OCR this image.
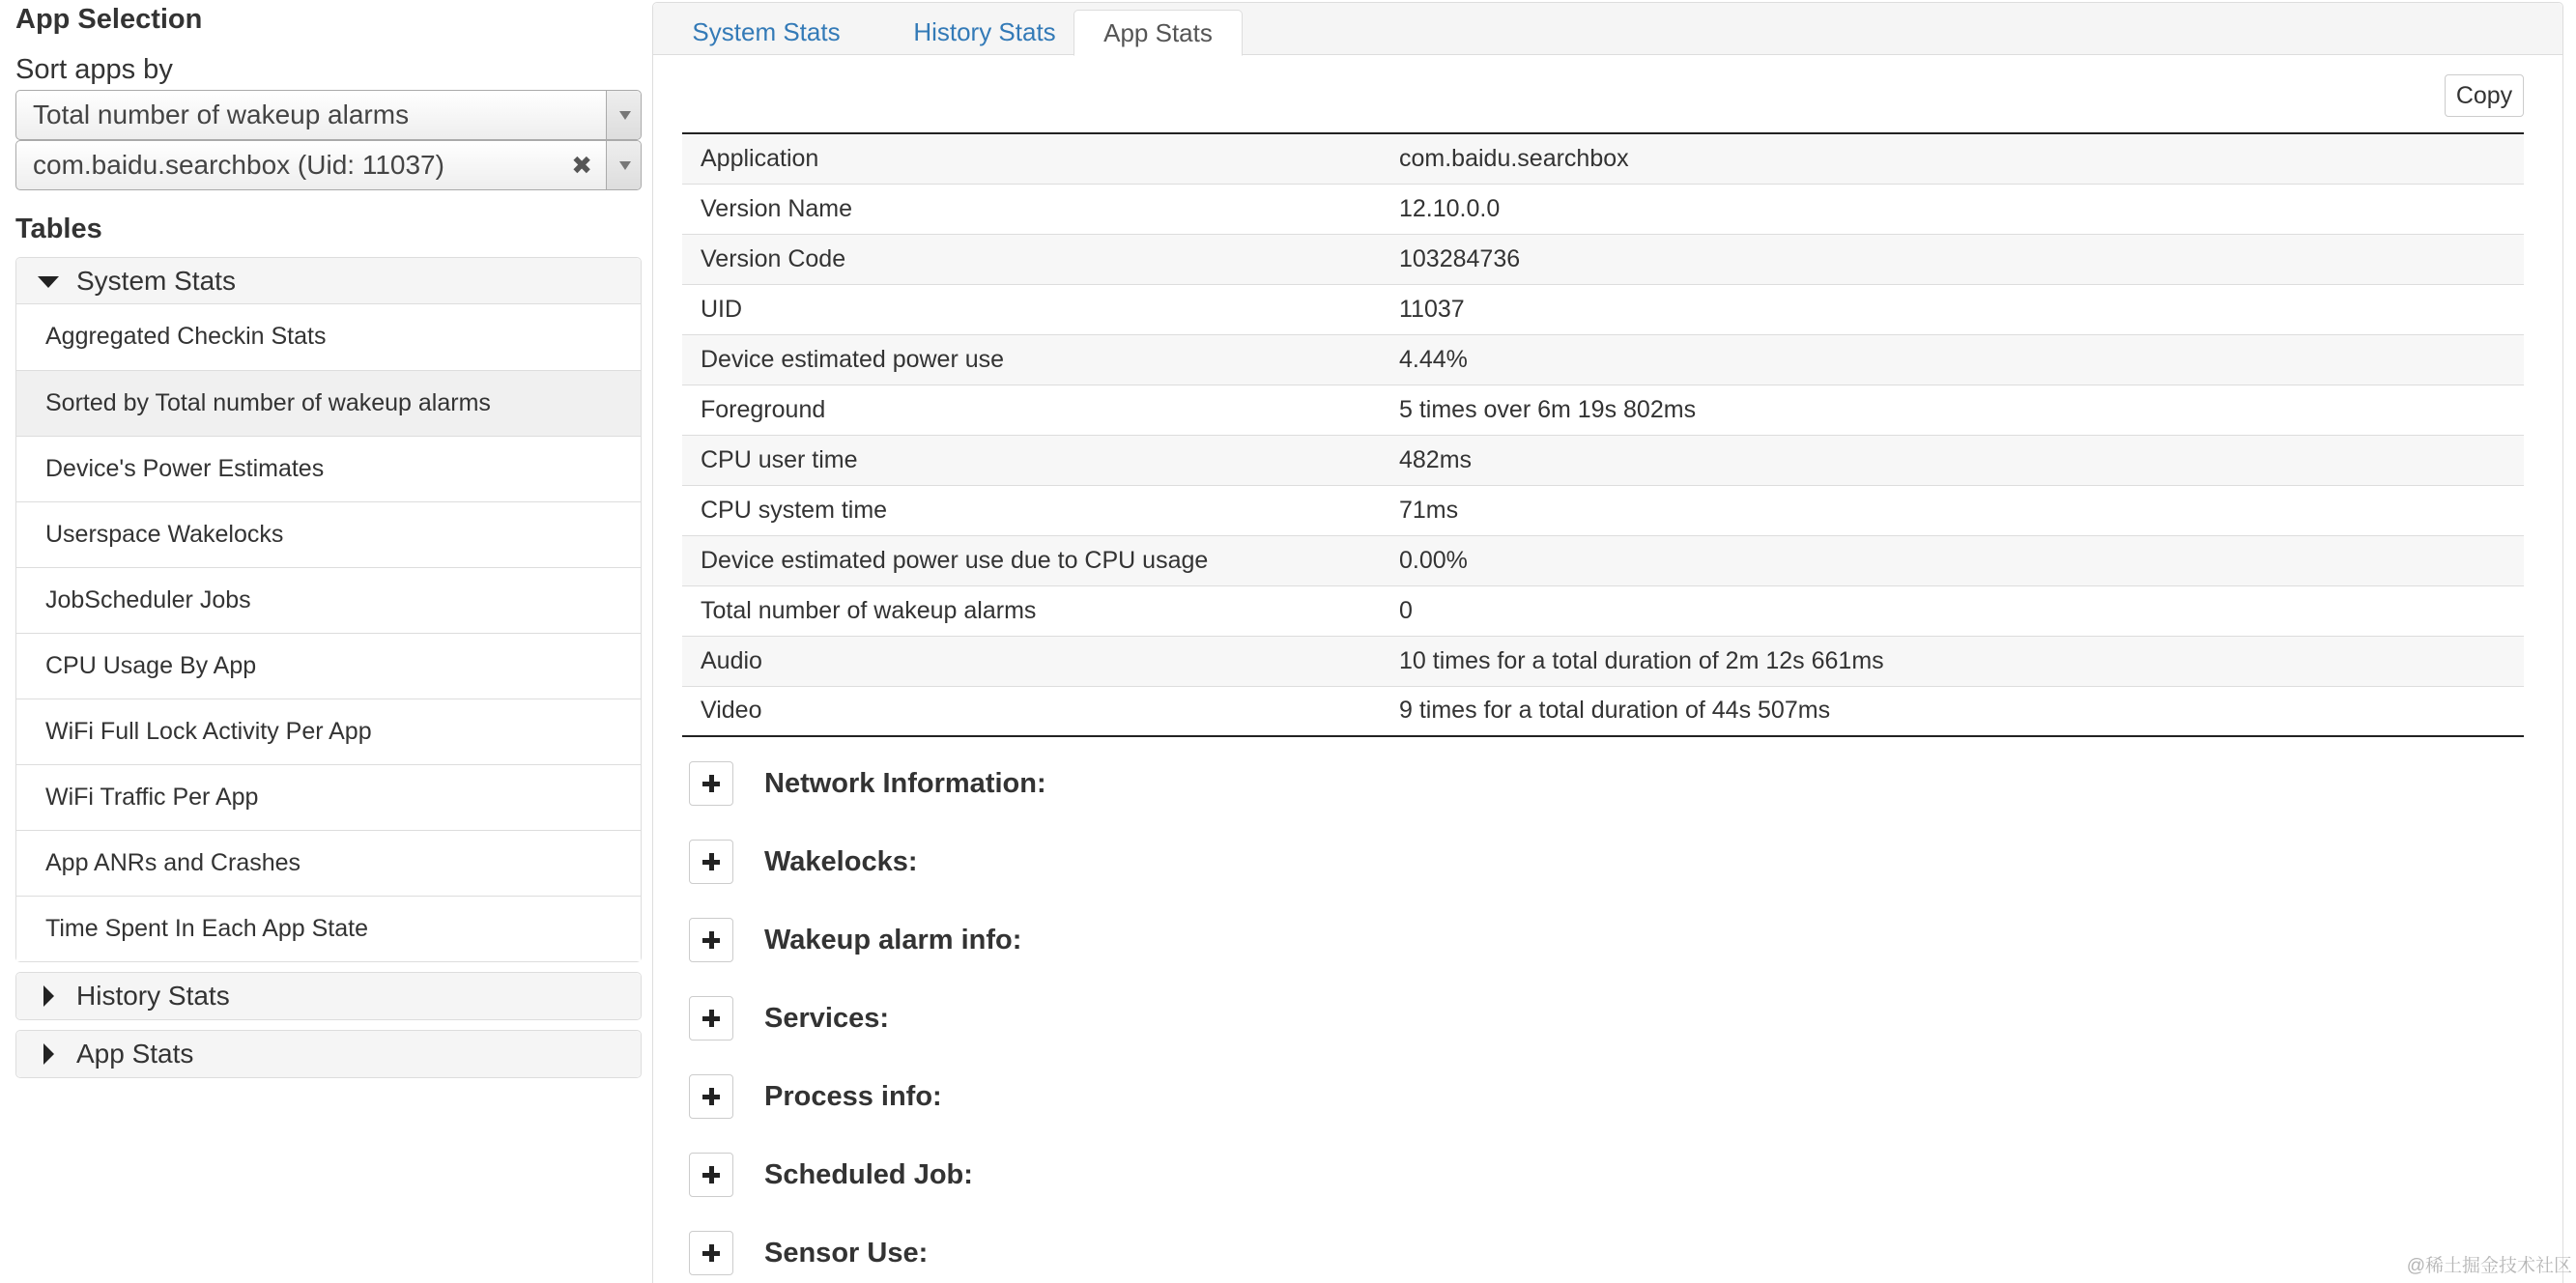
App Selection
Sort apps by
Total number of wakeup alarms
com.baidu.searchbox (Uid: 11037)	✖
Tables
System Stats
Aggregated Checkin Stats
Sorted by Total number of wakeup alarms
Device's Power Estimates
Userspace Wakelocks
JobScheduler Jobs
CPU Usage By App
WiFi Full Lock Activity Per App
WiFi Traffic Per App
App ANRs and Crashes
Time Spent In Each App State
History Stats
App Stats
System Stats	History Stats	App Stats
Copy
Application	com.baidu.searchbox
Version Name	12.10.0.0
Version Code	103284736
UID	11037
Device estimated power use	4.44%
Foreground	5 times over 6m 19s 802ms
CPU user time	482ms
CPU system time	71ms
Device estimated power use due to CPU usage	0.00%
Total number of wakeup alarms	0
Audio	10 times for a total duration of 2m 12s 661ms
Video	9 times for a total duration of 44s 507ms
Network Information:
Wakelocks:
Wakeup alarm info:
Services:
Process info:
Scheduled Job:
Sensor Use:	@稀土掘金技术社区
